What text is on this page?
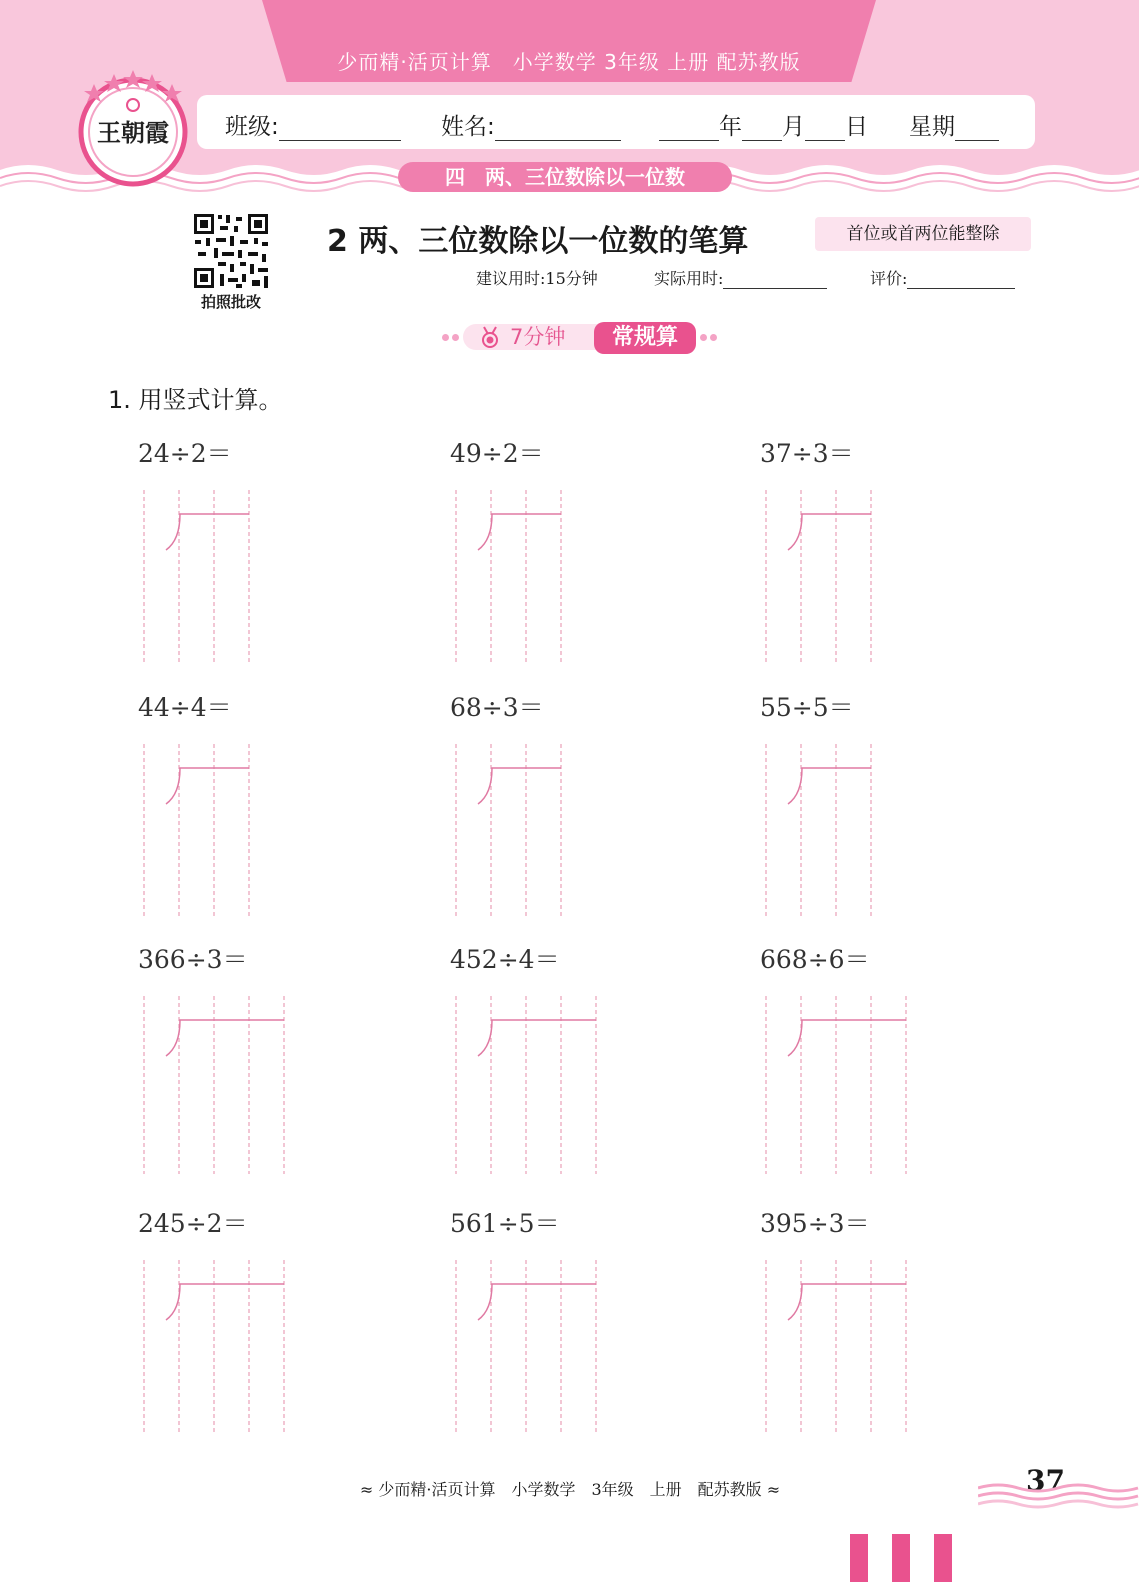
少而精·活页计算　小学数学 3年级 上册 配苏教版
班级:	姓名:	年 月 日 星期
王朝霞
四　两、三位数除以一位数
拍照批改
2 两、三位数除以一位数的笔算	首位或首两位能整除
建议用时:15分钟	实际用时:	评价:
7分钟	常规算
1. 用竖式计算。
24÷2＝	49÷2＝	37÷3＝
44÷4＝	68÷3＝	55÷5＝
366÷3＝	452÷4＝	668÷6＝
245÷2＝	561÷5＝	395÷3＝
≈ 少而精·活页计算　小学数学　3年级　上册　配苏教版 ≈	37
